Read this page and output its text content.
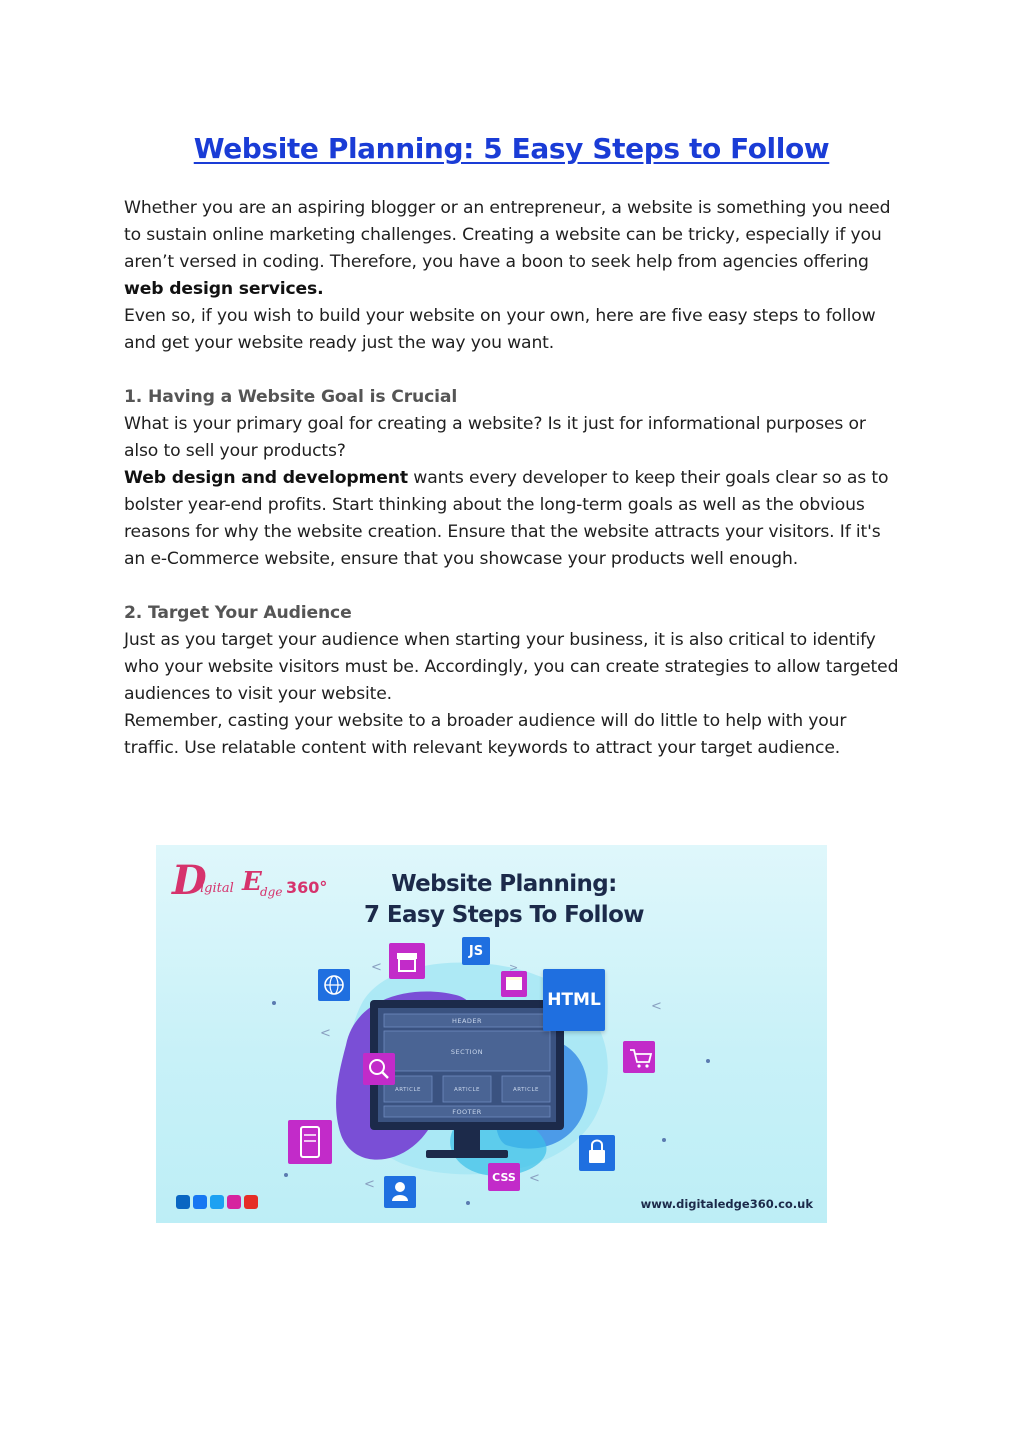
Website Planning: 5 Easy Steps to Follow

Whether you are an aspiring blogger or an entrepreneur, a website is something you need to sustain online marketing challenges. Creating a website can be tricky, especially if you aren’t versed in coding. Therefore, you have a boon to seek help from agencies offering web design services.

Even so, if you wish to build your website on your own, here are five easy steps to follow and get your website ready just the way you want.

1. Having a Website Goal is Crucial

What is your primary goal for creating a website? Is it just for informational purposes or also to sell your products?

Web design and development wants every developer to keep their goals clear so as to bolster year-end profits. Start thinking about the long-term goals as well as the obvious reasons for why the website creation. Ensure that the website attracts your visitors. If it's an e-Commerce website, ensure that you showcase your products well enough.

2. Target Your Audience

Just as you target your audience when starting your business, it is also critical to identify who your website visitors must be. Accordingly, you can create strategies to allow targeted audiences to visit your website.

Remember, casting your website to a broader audience will do little to help with your traffic. Use relatable content with relevant keywords to attract your target audience.

<
<
<
>
<
<
HEADER
SECTION
ARTICLE	ARTICLE	ARTICLE
FOOTER
D
igital E
dge 360°	Website Planning:
7 Easy Steps To Follow
JS
HTML
CSS
www.digitaledge360.co.uk
